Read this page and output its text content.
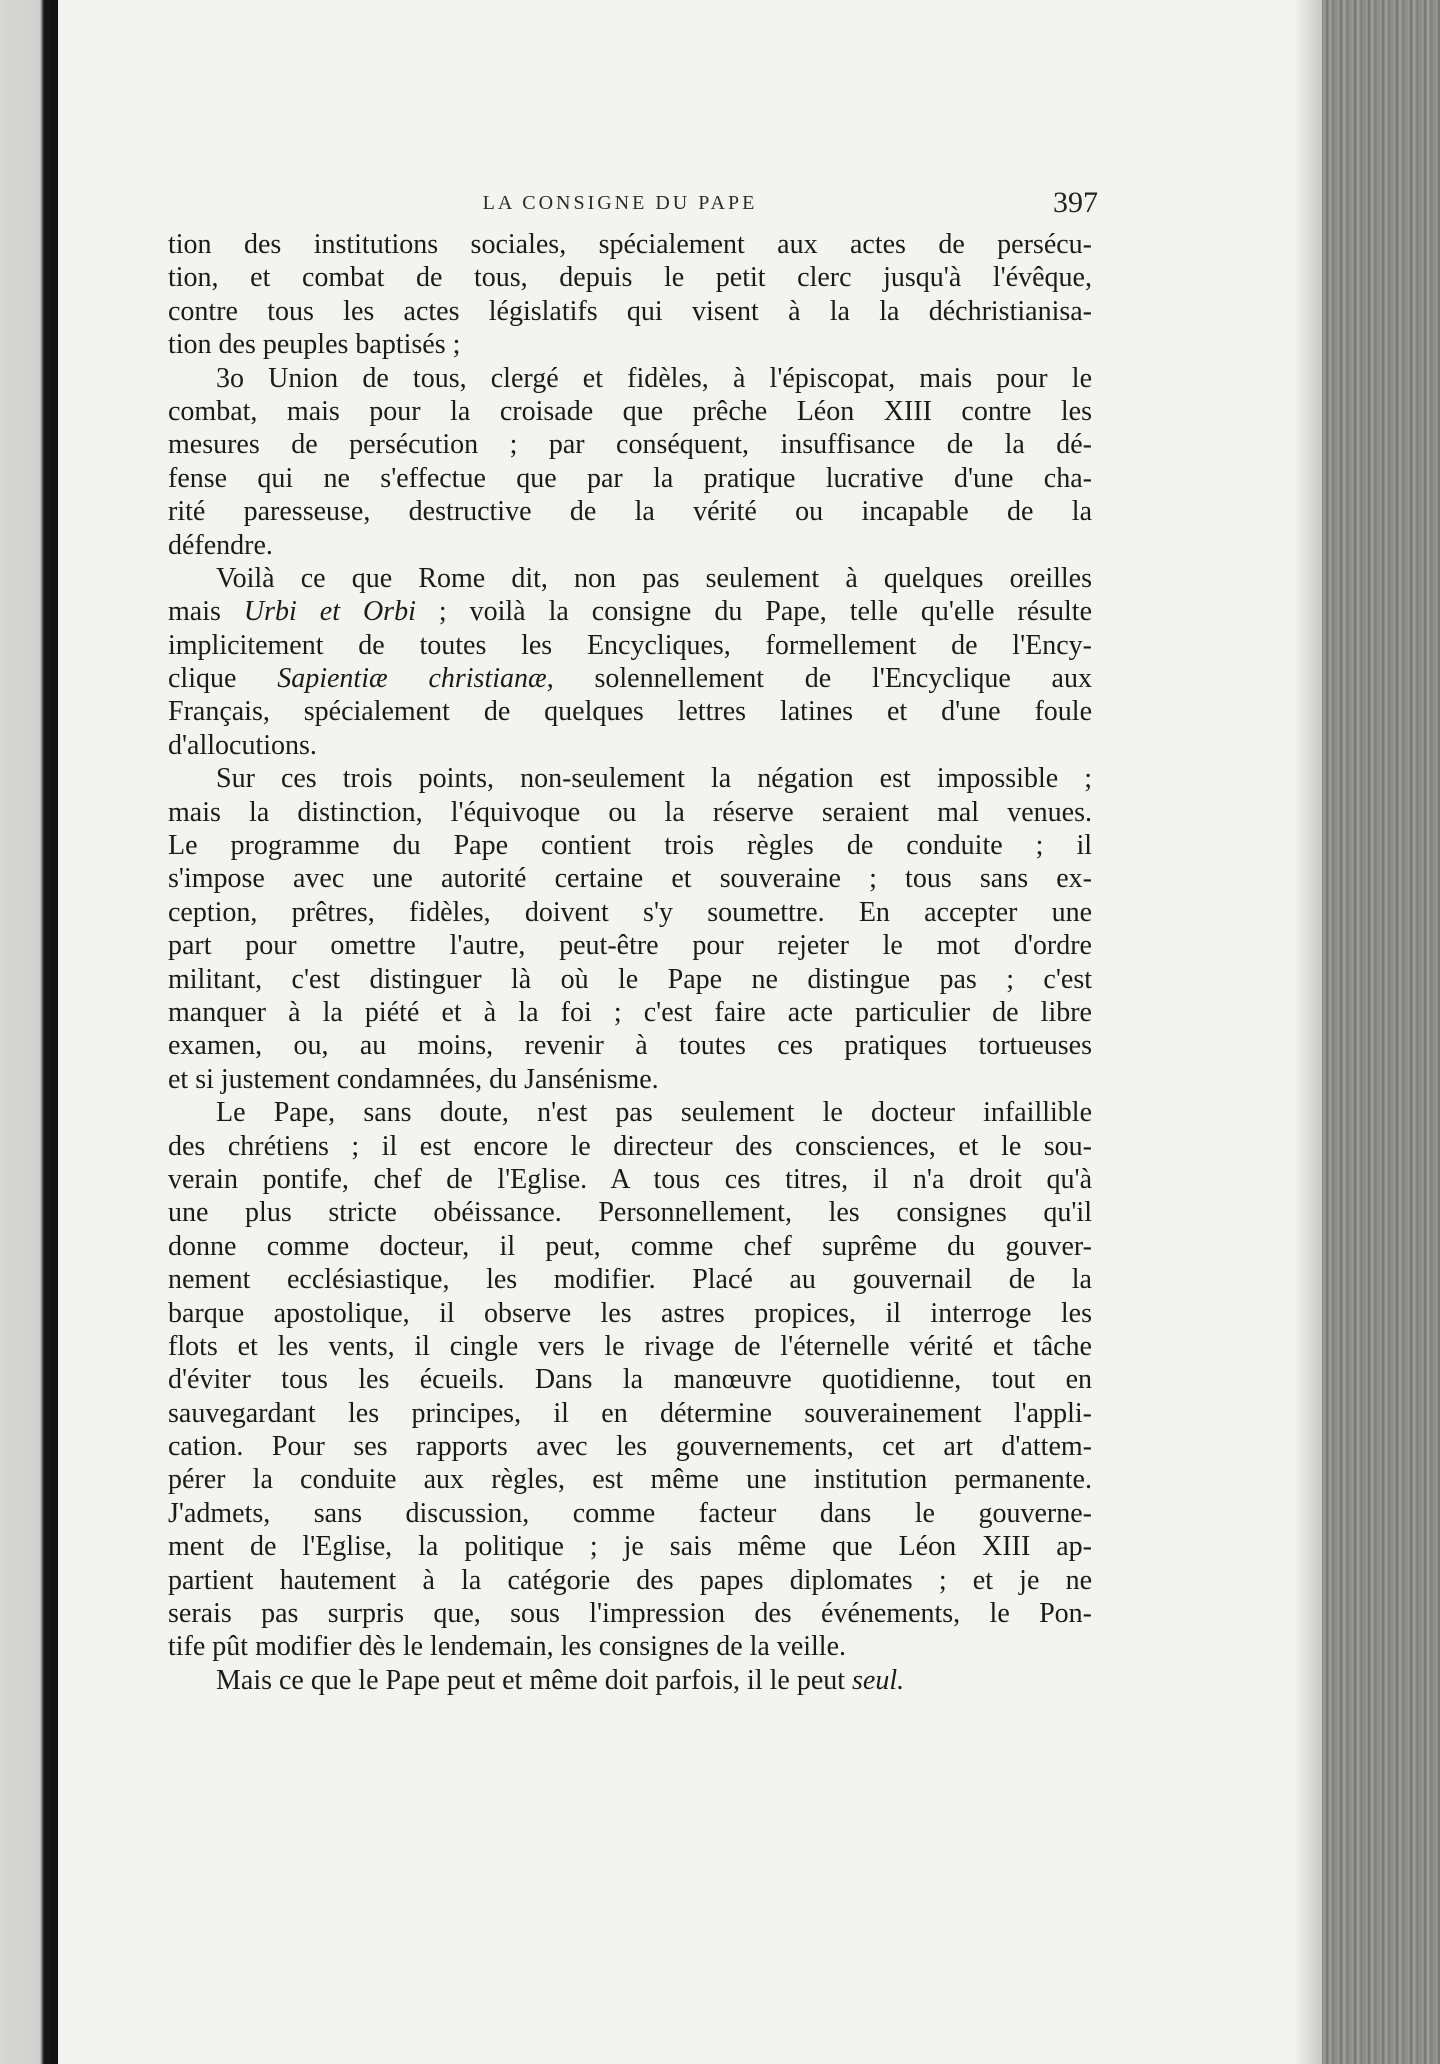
LA CONSIGNE DU PAPE	397
tion des institutions sociales, spécialement aux actes de persécu-
tion, et combat de tous, depuis le petit clerc jusqu'à l'évêque,
contre tous les actes législatifs qui visent à la la déchristianisa-
tion des peuples baptisés ;
3o Union de tous, clergé et fidèles, à l'épiscopat, mais pour le
combat, mais pour la croisade que prêche Léon XIII contre les
mesures de persécution ; par conséquent, insuffisance de la dé-
fense qui ne s'effectue que par la pratique lucrative d'une cha-
rité paresseuse, destructive de la vérité ou incapable de la
défendre.
Voilà ce que Rome dit, non pas seulement à quelques oreilles
mais Urbi et Orbi ; voilà la consigne du Pape, telle qu'elle résulte
implicitement de toutes les Encycliques, formellement de l'Ency-
clique Sapientiæ christianæ, solennellement de l'Encyclique aux
Français, spécialement de quelques lettres latines et d'une foule
d'allocutions.
Sur ces trois points, non-seulement la négation est impossible ;
mais la distinction, l'équivoque ou la réserve seraient mal venues.
Le programme du Pape contient trois règles de conduite ; il
s'impose avec une autorité certaine et souveraine ; tous sans ex-
ception, prêtres, fidèles, doivent s'y soumettre. En accepter une
part pour omettre l'autre, peut-être pour rejeter le mot d'ordre
militant, c'est distinguer là où le Pape ne distingue pas ; c'est
manquer à la piété et à la foi ; c'est faire acte particulier de libre
examen, ou, au moins, revenir à toutes ces pratiques tortueuses
et si justement condamnées, du Jansénisme.
Le Pape, sans doute, n'est pas seulement le docteur infaillible
des chrétiens ; il est encore le directeur des consciences, et le sou-
verain pontife, chef de l'Eglise. A tous ces titres, il n'a droit qu'à
une plus stricte obéissance. Personnellement, les consignes qu'il
donne comme docteur, il peut, comme chef suprême du gouver-
nement ecclésiastique, les modifier. Placé au gouvernail de la
barque apostolique, il observe les astres propices, il interroge les
flots et les vents, il cingle vers le rivage de l'éternelle vérité et tâche
d'éviter tous les écueils. Dans la manœuvre quotidienne, tout en
sauvegardant les principes, il en détermine souverainement l'appli-
cation. Pour ses rapports avec les gouvernements, cet art d'attem-
pérer la conduite aux règles, est même une institution permanente.
J'admets, sans discussion, comme facteur dans le gouverne-
ment de l'Eglise, la politique ; je sais même que Léon XIII ap-
partient hautement à la catégorie des papes diplomates ; et je ne
serais pas surpris que, sous l'impression des événements, le Pon-
tife pût modifier dès le lendemain, les consignes de la veille.
Mais ce que le Pape peut et même doit parfois, il le peut seul.
